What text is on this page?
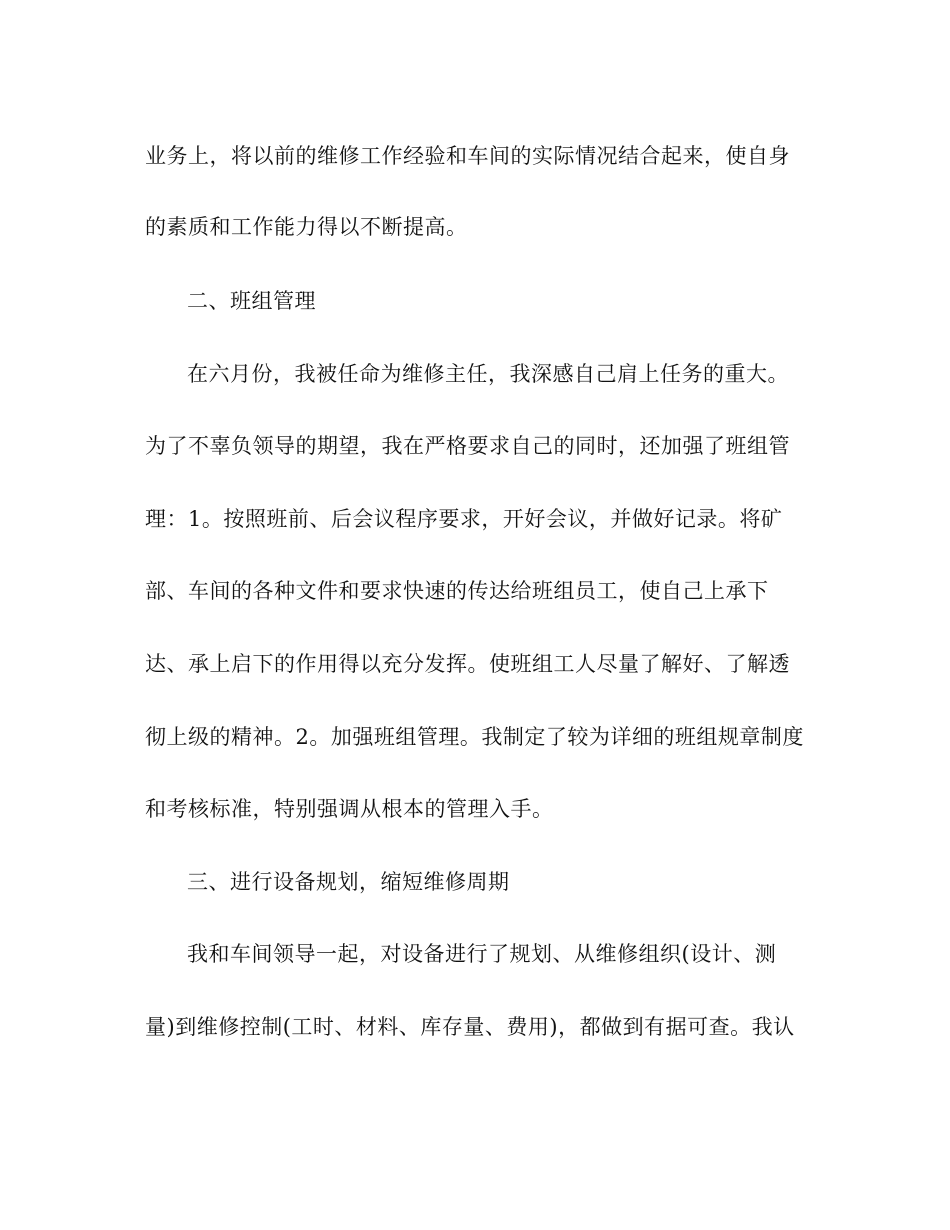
业务上，将以前的维修工作经验和车间的实际情况结合起来，使自身

的素质和工作能力得以不断提高。

二、班组管理

在六月份，我被任命为维修主任，我深感自己肩上任务的重大。

为了不辜负领导的期望，我在严格要求自己的同时，还加强了班组管

理：1。按照班前、后会议程序要求，开好会议，并做好记录。将矿

部、车间的各种文件和要求快速的传达给班组员工，使自己上承下

达、承上启下的作用得以充分发挥。使班组工人尽量了解好、了解透

彻上级的精神。2。加强班组管理。我制定了较为详细的班组规章制度

和考核标准，特别强调从根本的管理入手。

三、进行设备规划，缩短维修周期

我和车间领导一起，对设备进行了规划、从维修组织(设计、测

量)到维修控制(工时、材料、库存量、费用)，都做到有据可查。我认
